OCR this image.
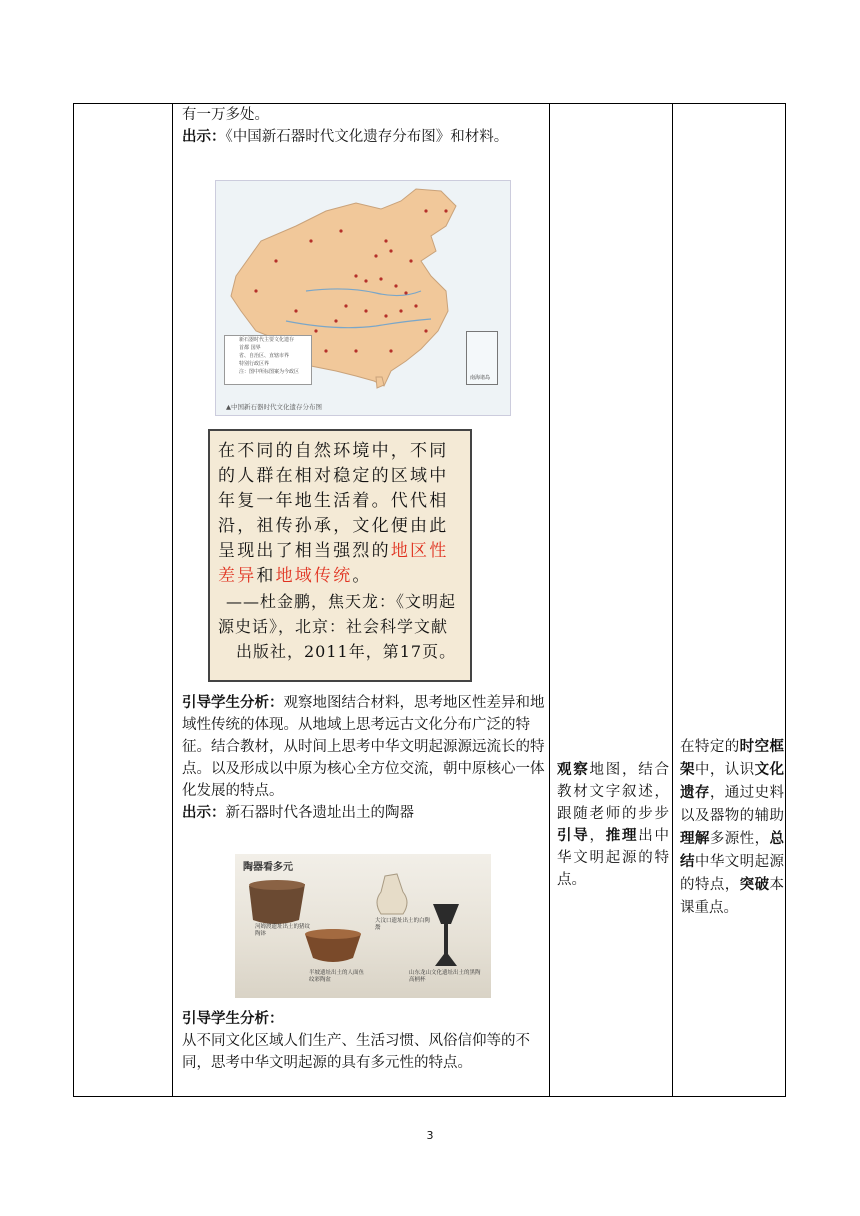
有一万多处。

出示：《中国新石器时代文化遗存分布图》和材料。

新石器时代主要文化遗存
首都 国界
省、自治区、直辖市界
特别行政区界
注：图中所标图案为今政区
南海诸岛
▲中国新石器时代文化遗存分布图
在不同的自然环境中，不同
的人群在相对稳定的区域中
年复一年地生活着。代代相
沿，祖传孙承，文化便由此
呈现出了相当强烈的地区性
差异和地域传统。
——杜金鹏，焦天龙：《文明起
源史话》，北京：社会科学文献
出版社，2011年，第17页。

引导学生分析：观察地图结合材料，思考地区性差异和地域性传统的体现。从地域上思考远古文化分布广泛的特征。结合教材，从时间上思考中华文明起源源远流长的特点。以及形成以中原为核心全方位交流，朝中原核心一体化发展的特点。

出示：新石器时代各遗址出土的陶器

陶器看多元
河姆渡遗址出土的猪纹陶钵
大汶口遗址出土的白陶鬶
半坡遗址出土的人面鱼纹彩陶盆
山东龙山文化遗址出土的黑陶高柄杯

引导学生分析：

从不同文化区域人们生产、生活习惯、风俗信仰等的不同，思考中华文明起源的具有多元性的特点。

观察地图，结合教材文字叙述，跟随老师的步步引导，推理出中华文明起源的特点。
在特定的时空框架中，认识文化遗存，通过史料以及器物的辅助理解多源性，总结中华文明起源的特点，突破本课重点。
3
